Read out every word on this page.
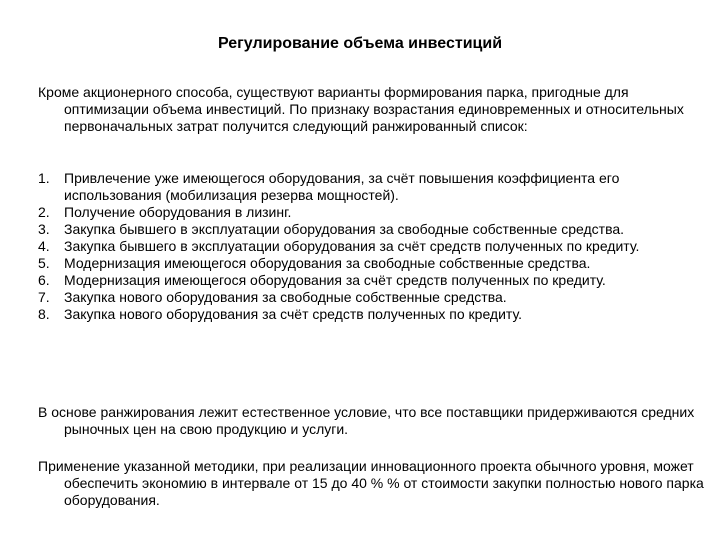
Регулирование объема инвестиций

Кроме акционерного способа, существуют варианты формирования парка, пригодные для оптимизации объема инвестиций. По признаку возрастания единовременных и относительных первоначальных затрат получится следующий ранжированный список:

1. Привлечение уже имеющегося оборудования, за счёт повышения коэффициента его использования (мобилизация резерва мощностей).
2. Получение оборудования в лизинг.
3. Закупка бывшего в эксплуатации оборудования за свободные собственные средства.
4. Закупка бывшего в эксплуатации оборудования за счёт средств полученных по кредиту.
5. Модернизация имеющегося оборудования за свободные собственные средства.
6. Модернизация имеющегося оборудования за счёт средств полученных по кредиту.
7. Закупка нового оборудования за свободные собственные средства.
8. Закупка нового оборудования за счёт средств полученных по кредиту.

В основе ранжирования лежит естественное условие, что все поставщики придерживаются средних рыночных цен на свою продукцию и услуги.

Применение указанной методики, при реализации инновационного проекта обычного уровня, может обеспечить экономию в интервале от 15 до 40 % % от стоимости закупки полностью нового парка оборудования.
